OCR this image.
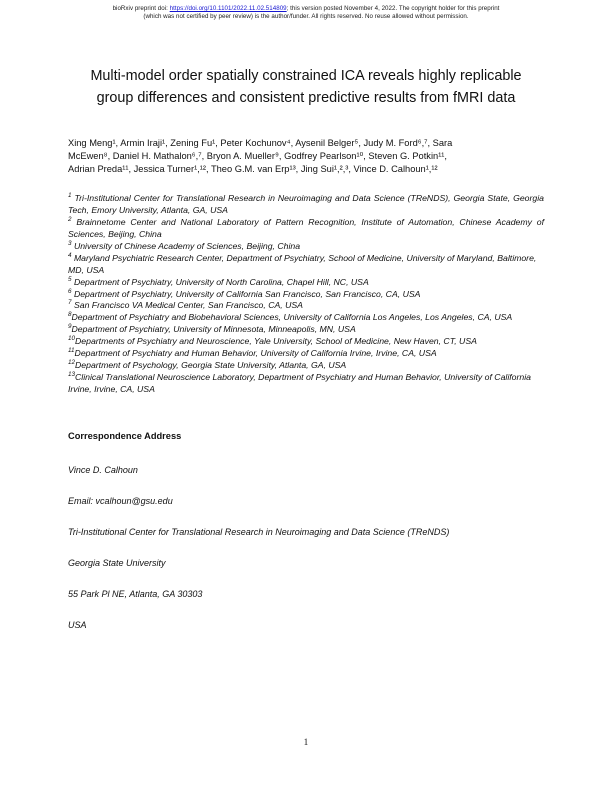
bioRxiv preprint doi: https://doi.org/10.1101/2022.11.02.514809; this version posted November 4, 2022. The copyright holder for this preprint
(which was not certified by peer review) is the author/funder. All rights reserved. No reuse allowed without permission.
Multi-model order spatially constrained ICA reveals highly replicable group differences and consistent predictive results from fMRI data
Xing Meng¹, Armin Iraji¹, Zening Fu¹, Peter Kochunov⁴, Aysenil Belger⁵, Judy M. Ford⁶,⁷, Sara
McEwen⁸, Daniel H. Mathalon⁶,⁷, Bryon A. Mueller⁹, Godfrey Pearlson¹⁰, Steven G. Potkin¹¹,
Adrian Preda¹¹, Jessica Turner¹,¹², Theo G.M. van Erp¹³, Jing Sui¹,²,³, Vince D. Calhoun¹,¹²

$^1$ Tri-Institutional Center for Translational Research in Neuroimaging and Data Science (TReNDS), Georgia State, Georgia Tech, Emory University, Atlanta, GA, USA

$^2$ Brainnetome Center and National Laboratory of Pattern Recognition, Institute of Automation, Chinese Academy of Sciences, Beijing, China

$^3$ University of Chinese Academy of Sciences, Beijing, China

$^4$ Maryland Psychiatric Research Center, Department of Psychiatry, School of Medicine, University of Maryland, Baltimore, MD, USA

$^5$ Department of Psychiatry, University of North Carolina, Chapel Hill, NC, USA

$^6$ Department of Psychiatry, University of California San Francisco, San Francisco, CA, USA

$^7$ San Francisco VA Medical Center, San Francisco, CA, USA

$^8$Department of Psychiatry and Biobehavioral Sciences, University of California Los Angeles, Los Angeles, CA, USA

$^9$Department of Psychiatry, University of Minnesota, Minneapolis, MN, USA

$^{10}$Departments of Psychiatry and Neuroscience, Yale University, School of Medicine, New Haven, CT, USA

$^{11}$Department of Psychiatry and Human Behavior, University of California Irvine, Irvine, CA, USA

$^{12}$Department of Psychology, Georgia State University, Atlanta, GA, USA

$^{13}$Clinical Translational Neuroscience Laboratory, Department of Psychiatry and Human Behavior, University of California Irvine, Irvine, CA, USA

Correspondence Address

Vince D. Calhoun

Email: vcalhoun@gsu.edu

Tri-Institutional Center for Translational Research in Neuroimaging and Data Science (TReNDS)

Georgia State University

55 Park Pl NE, Atlanta, GA 30303

USA

1
